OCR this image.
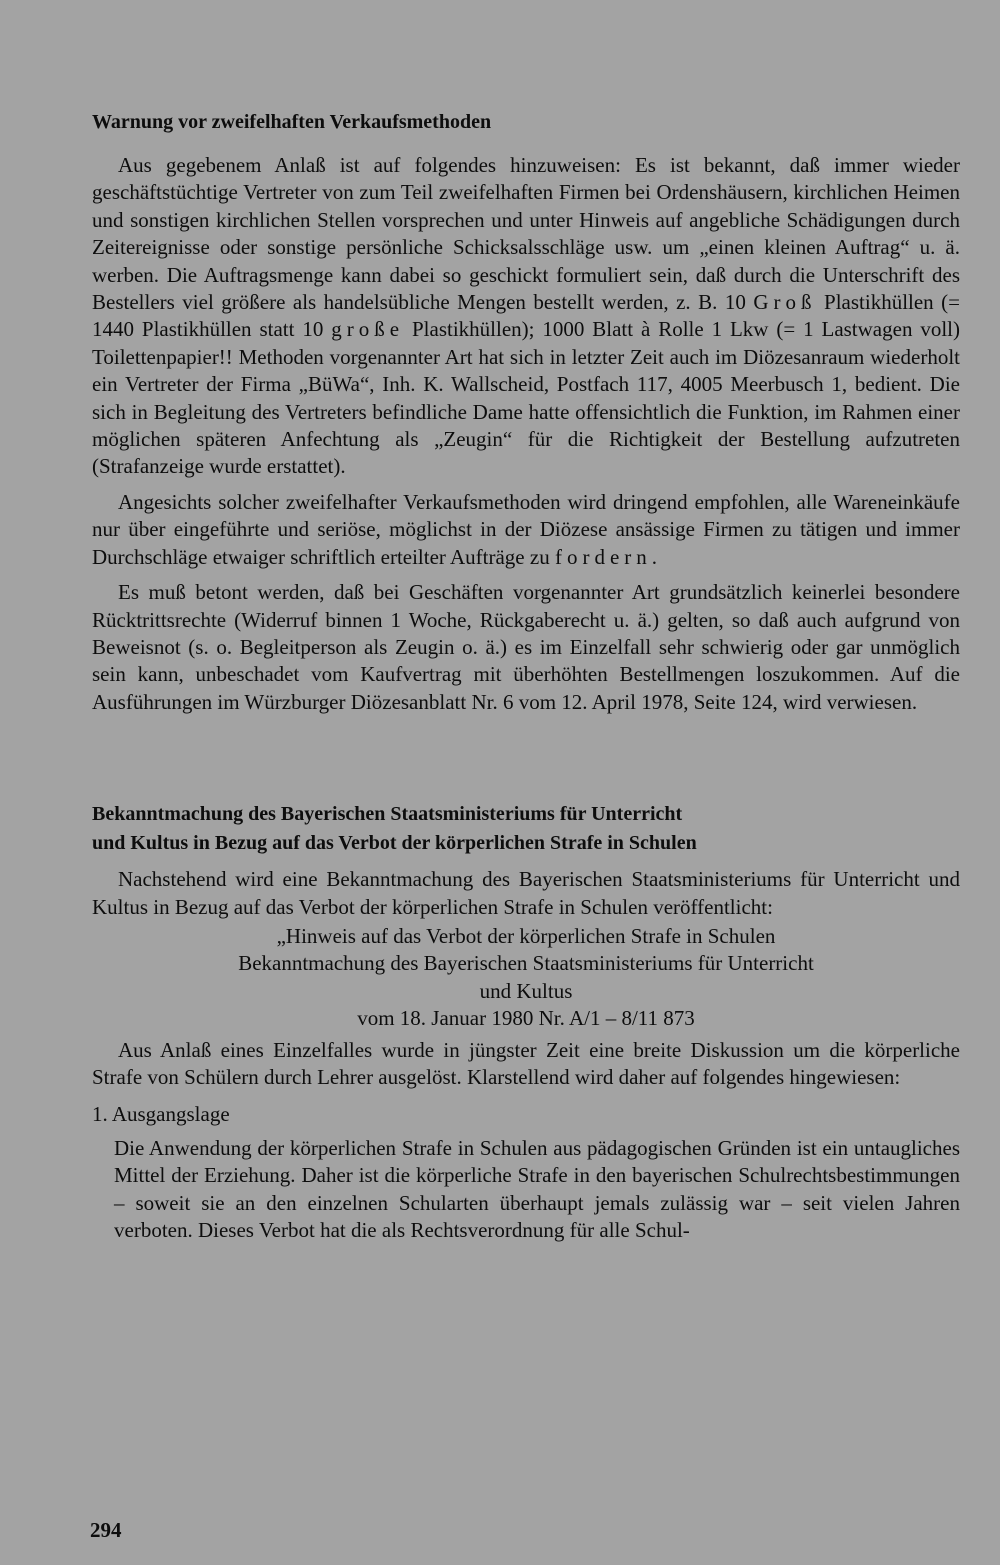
Warnung vor zweifelhaften Verkaufsmethoden

Aus gegebenem Anlaß ist auf folgendes hinzuweisen: Es ist bekannt, daß immer wieder geschäftstüchtige Vertreter von zum Teil zweifelhaften Firmen bei Ordenshäusern, kirchlichen Heimen und sonstigen kirchlichen Stellen vorsprechen und unter Hinweis auf angebliche Schädigungen durch Zeitereignisse oder sonstige persönliche Schicksalsschläge usw. um „einen kleinen Auftrag“ u. ä. werben. Die Auftragsmenge kann dabei so geschickt formuliert sein, daß durch die Unterschrift des Bestellers viel größere als handelsübliche Mengen bestellt werden, z. B. 10 Groß Plastikhüllen (= 1440 Plastikhüllen statt 10 große Plastikhüllen); 1000 Blatt à Rolle 1 Lkw (= 1 Lastwagen voll) Toilettenpapier!! Methoden vorgenannter Art hat sich in letzter Zeit auch im Diözesanraum wiederholt ein Vertreter der Firma „BüWa“, Inh. K. Wallscheid, Postfach 117, 4005 Meerbusch 1, bedient. Die sich in Begleitung des Vertreters befindliche Dame hatte offensichtlich die Funktion, im Rahmen einer möglichen späteren Anfechtung als „Zeugin“ für die Richtigkeit der Bestellung aufzutreten (Strafanzeige wurde erstattet).

Angesichts solcher zweifelhafter Verkaufsmethoden wird dringend empfohlen, alle Wareneinkäufe nur über eingeführte und seriöse, möglichst in der Diözese ansässige Firmen zu tätigen und immer Durchschläge etwaiger schriftlich erteilter Aufträge zu fordern.

Es muß betont werden, daß bei Geschäften vorgenannter Art grundsätzlich keinerlei besondere Rücktrittsrechte (Widerruf binnen 1 Woche, Rückgaberecht u. ä.) gelten, so daß auch aufgrund von Beweisnot (s. o. Begleitperson als Zeugin o. ä.) es im Einzelfall sehr schwierig oder gar unmöglich sein kann, unbeschadet vom Kaufvertrag mit überhöhten Bestellmengen loszukommen. Auf die Ausführungen im Würzburger Diözesanblatt Nr. 6 vom 12. April 1978, Seite 124, wird verwiesen.

Bekanntmachung des Bayerischen Staatsministeriums für Unterricht
und Kultus in Bezug auf das Verbot der körperlichen Strafe in Schulen

Nachstehend wird eine Bekanntmachung des Bayerischen Staatsministeriums für Unterricht und Kultus in Bezug auf das Verbot der körperlichen Strafe in Schulen veröffentlicht:

„Hinweis auf das Verbot der körperlichen Strafe in Schulen
Bekanntmachung des Bayerischen Staatsministeriums für Unterricht
und Kultus
vom 18. Januar 1980 Nr. A/1 – 8/11 873

Aus Anlaß eines Einzelfalles wurde in jüngster Zeit eine breite Diskussion um die körperliche Strafe von Schülern durch Lehrer ausgelöst. Klarstellend wird daher auf folgendes hingewiesen:

1. Ausgangslage

Die Anwendung der körperlichen Strafe in Schulen aus pädagogischen Gründen ist ein untaugliches Mittel der Erziehung. Daher ist die körperliche Strafe in den bayerischen Schulrechtsbestimmungen – soweit sie an den einzelnen Schularten überhaupt jemals zulässig war – seit vielen Jahren verboten. Dieses Verbot hat die als Rechtsverordnung für alle Schul-

294
